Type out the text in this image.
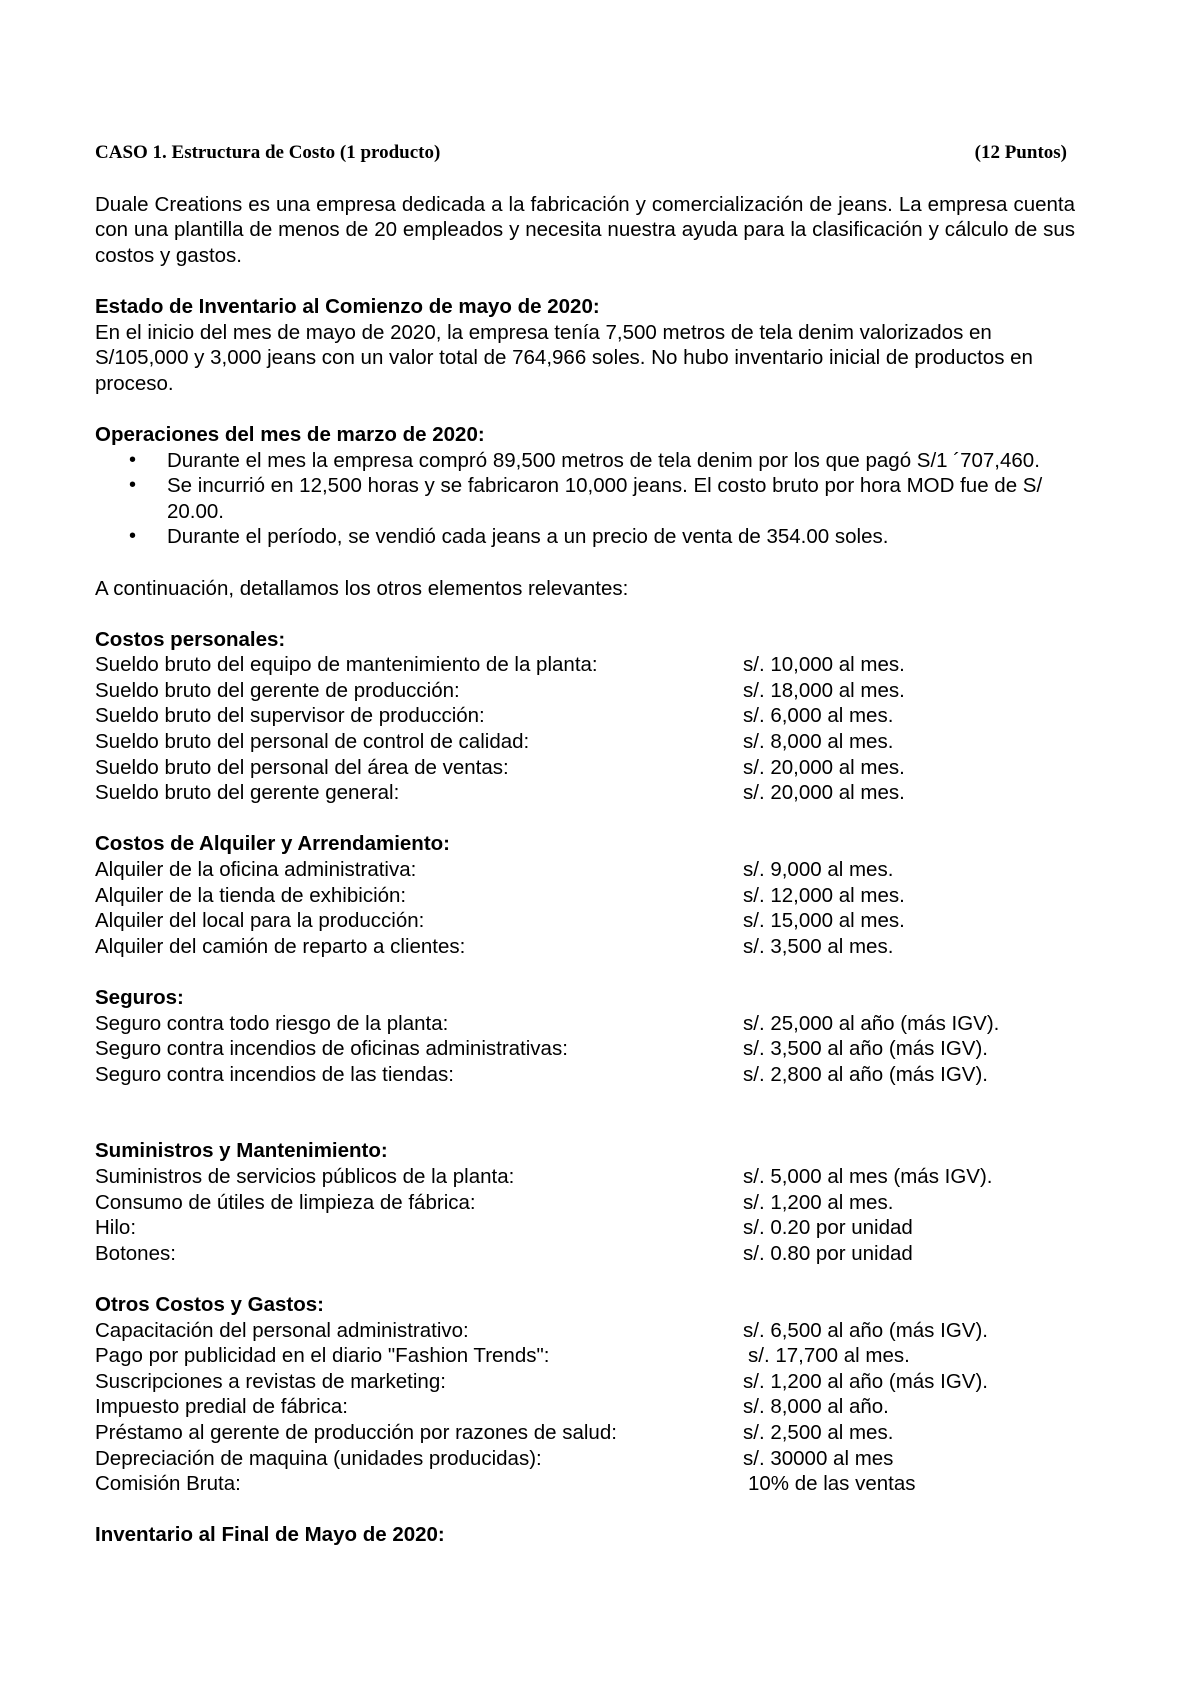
CASO 1. Estructura de Costo (1 producto)	(12 Puntos)

Duale Creations es una empresa dedicada a la fabricación y comercialización de jeans. La empresa cuenta con una plantilla de menos de 20 empleados y necesita nuestra ayuda para la clasificación y cálculo de sus costos y gastos.

Estado de Inventario al Comienzo de mayo de 2020:

En el inicio del mes de mayo de 2020, la empresa tenía 7,500 metros de tela denim valorizados en S/105,000 y 3,000 jeans con un valor total de 764,966 soles. No hubo inventario inicial de productos en proceso.

Operaciones del mes de marzo de 2020:
• Durante el mes la empresa compró 89,500 metros de tela denim por los que pagó S/1 ´707,460.
• Se incurrió en 12,500 horas y se fabricaron 10,000 jeans. El costo bruto por hora MOD fue de S/ 20.00.
• Durante el período, se vendió cada jeans a un precio de venta de 354.00 soles.

A continuación, detallamos los otros elementos relevantes:

Costos personales:
Sueldo bruto del equipo de mantenimiento de la planta:	s/. 10,000 al mes.
Sueldo bruto del gerente de producción:	s/. 18,000 al mes.
Sueldo bruto del supervisor de producción:	s/. 6,000 al mes.
Sueldo bruto del personal de control de calidad:	s/. 8,000 al mes.
Sueldo bruto del personal del área de ventas:	s/. 20,000 al mes.
Sueldo bruto del gerente general:	s/. 20,000 al mes.
Costos de Alquiler y Arrendamiento:
Alquiler de la oficina administrativa:	s/. 9,000 al mes.
Alquiler de la tienda de exhibición:	s/. 12,000 al mes.
Alquiler del local para la producción:	s/. 15,000 al mes.
Alquiler del camión de reparto a clientes:	s/. 3,500 al mes.
Seguros:
Seguro contra todo riesgo de la planta:	s/. 25,000 al año (más IGV).
Seguro contra incendios de oficinas administrativas:	s/. 3,500 al año (más IGV).
Seguro contra incendios de las tiendas:	s/. 2,800 al año (más IGV).
Suministros y Mantenimiento:
Suministros de servicios públicos de la planta:	s/. 5,000 al mes (más IGV).
Consumo de útiles de limpieza de fábrica:	s/. 1,200 al mes.
Hilo:	s/. 0.20 por unidad
Botones:	s/. 0.80 por unidad
Otros Costos y Gastos:
Capacitación del personal administrativo:	s/. 6,500 al año (más IGV).
Pago por publicidad en el diario "Fashion Trends":	s/. 17,700 al mes.
Suscripciones a revistas de marketing:	s/. 1,200 al año (más IGV).
Impuesto predial de fábrica:	s/. 8,000 al año.
Préstamo al gerente de producción por razones de salud:	s/. 2,500 al mes.
Depreciación de maquina (unidades producidas):	s/. 30000 al mes
Comisión Bruta:	10% de las ventas
Inventario al Final de Mayo de 2020:
